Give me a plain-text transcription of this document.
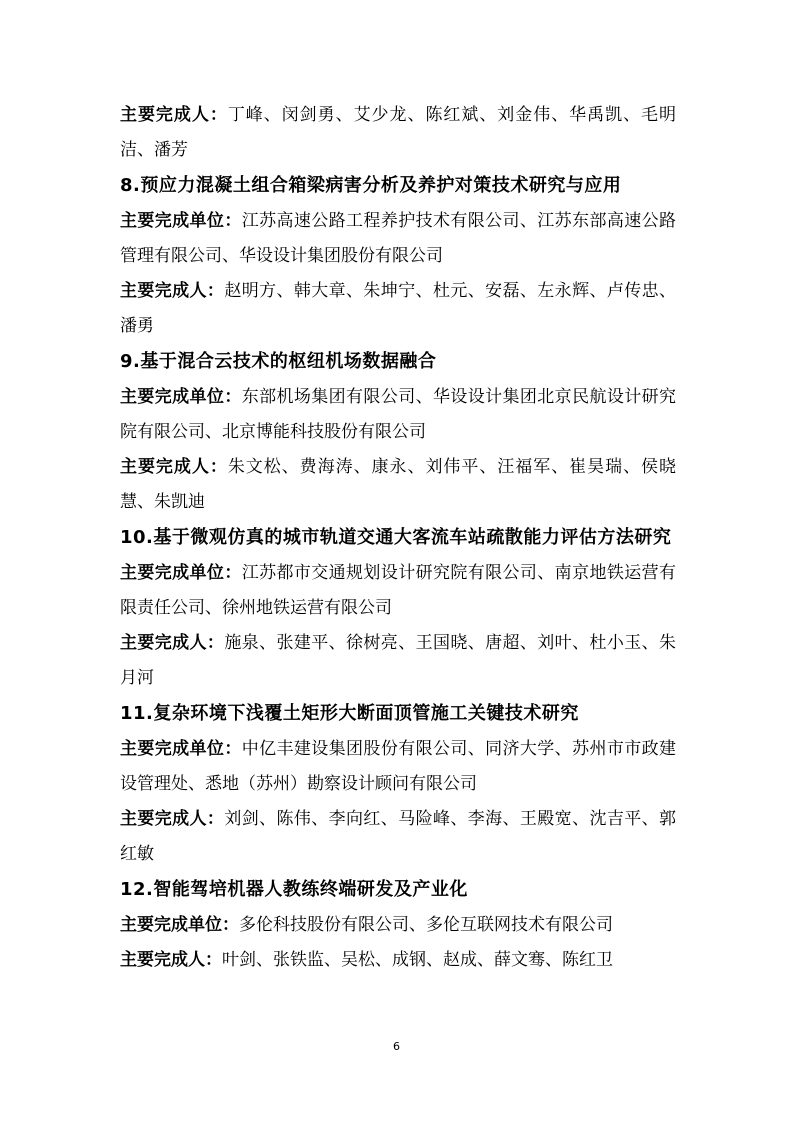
主要完成人：丁峰、闵剑勇、艾少龙、陈红斌、刘金伟、华禹凯、毛明洁、潘芳

8.预应力混凝土组合箱梁病害分析及养护对策技术研究与应用

主要完成单位：江苏高速公路工程养护技术有限公司、江苏东部高速公路管理有限公司、华设设计集团股份有限公司

主要完成人：赵明方、韩大章、朱坤宁、杜元、安磊、左永辉、卢传忠、潘勇

9.基于混合云技术的枢纽机场数据融合

主要完成单位：东部机场集团有限公司、华设设计集团北京民航设计研究院有限公司、北京博能科技股份有限公司

主要完成人：朱文松、费海涛、康永、刘伟平、汪福军、崔昊瑞、侯晓慧、朱凯迪

10.基于微观仿真的城市轨道交通大客流车站疏散能力评估方法研究

主要完成单位：江苏都市交通规划设计研究院有限公司、南京地铁运营有限责任公司、徐州地铁运营有限公司

主要完成人：施泉、张建平、徐树亮、王国晓、唐超、刘叶、杜小玉、朱月河

11.复杂环境下浅覆土矩形大断面顶管施工关键技术研究

主要完成单位：中亿丰建设集团股份有限公司、同济大学、苏州市市政建设管理处、悉地（苏州）勘察设计顾问有限公司

主要完成人：刘剑、陈伟、李向红、马险峰、李海、王殿宽、沈吉平、郭红敏

12.智能驾培机器人教练终端研发及产业化

主要完成单位：多伦科技股份有限公司、多伦互联网技术有限公司

主要完成人：叶剑、张铁监、吴松、成钢、赵成、薛文骞、陈红卫

6
